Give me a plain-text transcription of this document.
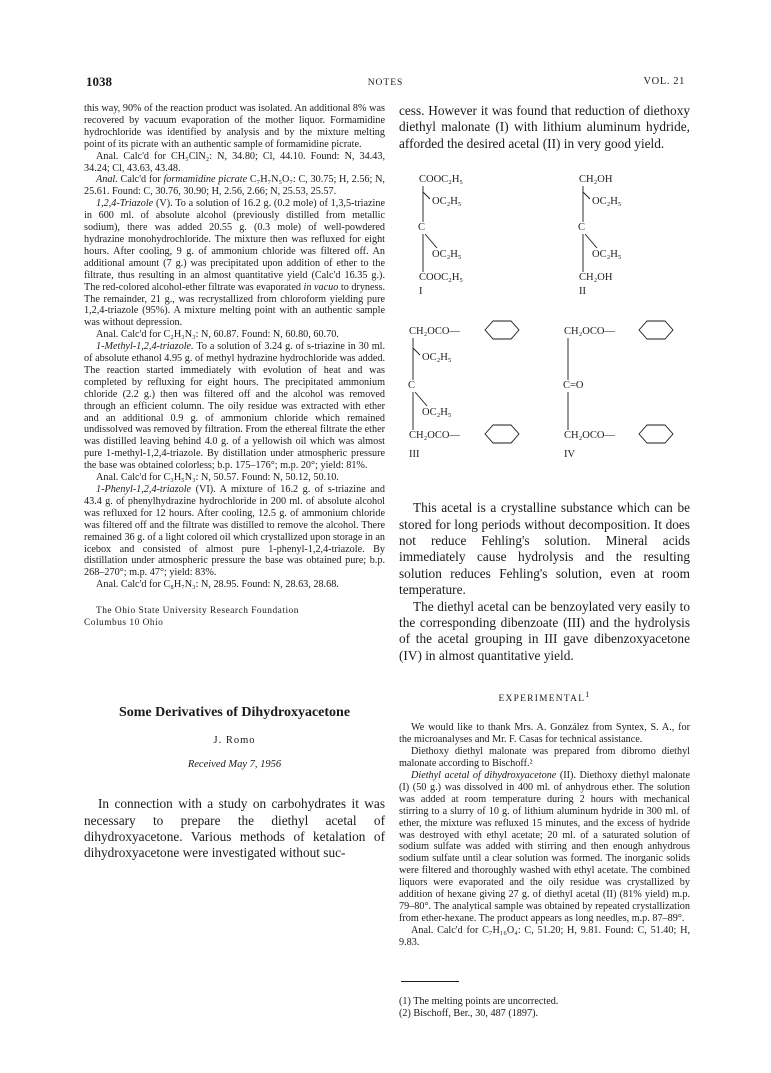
1038	NOTES	VOL. 21

this way, 90% of the reaction product was isolated. An additional 8% was recovered by vacuum evaporation of the mother liquor. Formamidine hydrochloride was identified by analysis and by the mixture melting point of its picrate with an authentic sample of formamidine picrate.

Anal. Calc'd for CH₅ClN₂: N, 34.80; Cl, 44.10. Found: N, 34.43, 34.24; Cl, 43.63, 43.48.

Anal. Calc'd for formamidine picrate C₇H₇N₅O₇: C, 30.75; H, 2.56; N, 25.61. Found: C, 30.76, 30.90; H, 2.56, 2.66; N, 25.53, 25.57.

1,2,4-Triazole (V). To a solution of 16.2 g. (0.2 mole) of 1,3,5-triazine in 600 ml. of absolute alcohol (previously distilled from metallic sodium), there was added 20.55 g. (0.3 mole) of well-powdered hydrazine monohydrochloride. The mixture then was refluxed for eight hours. After cooling, 9 g. of ammonium chloride was filtered off. An additional amount (7 g.) was precipitated upon addition of ether to the filtrate, thus resulting in an almost quantitative yield (Calc'd 16.35 g.). The red-colored alcohol-ether filtrate was evaporated in vacuo to dryness. The remainder, 21 g., was recrystallized from chloroform yielding pure 1,2,4-triazole (95%). A mixture melting point with an authentic sample was without depression.

Anal. Calc'd for C₂H₃N₃: N, 60.87. Found: N, 60.80, 60.70.

1-Methyl-1,2,4-triazole. To a solution of 3.24 g. of s-triazine in 30 ml. of absolute ethanol 4.95 g. of methyl hydrazine hydrochloride was added. The reaction started immediately with evolution of heat and was completed by refluxing for eight hours. The precipitated ammonium chloride (2.2 g.) then was filtered off and the alcohol was removed through an efficient column. The oily residue was extracted with ether and an additional 0.9 g. of ammonium chloride which remained undissolved was removed by filtration. From the ethereal filtrate the ether was distilled leaving behind 4.0 g. of a yellowish oil which was almost pure 1-methyl-1,2,4-triazole. By distillation under atmospheric pressure the base was obtained colorless; b.p. 175–176°; m.p. 20°; yield: 81%.

Anal. Calc'd for C₃H₅N₃: N, 50.57. Found: N, 50.12, 50.10.

1-Phenyl-1,2,4-triazole (VI). A mixture of 16.2 g. of s-triazine and 43.4 g. of phenylhydrazine hydrochloride in 200 ml. of absolute alcohol was refluxed for 12 hours. After cooling, 12.5 g. of ammonium chloride was filtered off and the filtrate was distilled to remove the alcohol. There remained 36 g. of a light colored oil which crystallized upon storage in an icebox and consisted of almost pure 1-phenyl-1,2,4-triazole. By distillation under atmospheric pressure the base was obtained pure; b.p. 268–270°; m.p. 47°; yield: 83%.

Anal. Calc'd for C₈H₇N₃: N, 28.95. Found: N, 28.63, 28.68.

The Ohio State University Research Foundation
Columbus 10 Ohio

Some Derivatives of Dihydroxyacetone
J. Romo
Received May 7, 1956

In connection with a study on carbohydrates it was necessary to prepare the diethyl acetal of dihydroxyacetone. Various methods of ketalation of dihydroxyacetone were investigated without suc-

cess. However it was found that reduction of diethoxy diethyl malonate (I) with lithium aluminum hydride, afforded the desired acetal (II) in very good yield.

COOC₂H₅
OC₂H₅
C
OC₂H₅
COOC₂H₅
I
CH₂OH
OC₂H₅
C
OC₂H₅
CH₂OH
II
CH₂OCO—
OC₂H₅
C
OC₂H₅
CH₂OCO—
III
CH₂OCO—
C=O
CH₂OCO—
IV

This acetal is a crystalline substance which can be stored for long periods without decomposition. It does not reduce Fehling's solution. Mineral acids immediately cause hydrolysis and the resulting solution reduces Fehling's solution, even at room temperature.

The diethyl acetal can be benzoylated very easily to the corresponding dibenzoate (III) and the hydrolysis of the acetal grouping in III gave dibenzoxyacetone (IV) in almost quantitative yield.

EXPERIMENTAL$^1$

We would like to thank Mrs. A. González from Syntex, S. A., for the microanalyses and Mr. F. Casas for technical assistance.

Diethoxy diethyl malonate was prepared from dibromo diethyl malonate according to Bischoff.²

Diethyl acetal of dihydroxyacetone (II). Diethoxy diethyl malonate (I) (50 g.) was dissolved in 400 ml. of anhydrous ether. The solution was added at room temperature during 2 hours with mechanical stirring to a slurry of 10 g. of lithium aluminum hydride in 300 ml. of ether, the mixture was refluxed 15 minutes, and the excess of hydride was destroyed with ethyl acetate; 20 ml. of a saturated solution of sodium sulfate was added with stirring and then enough anhydrous sodium sulfate until a clear solution was formed. The inorganic solids were filtered and thoroughly washed with ethyl acetate. The combined liquors were evaporated and the oily residue was crystallized by addition of hexane giving 27 g. of diethyl acetal (II) (81% yield) m.p. 79–80°. The analytical sample was obtained by repeated crystallization from ether-hexane. The product appears as long needles, m.p. 87–89°.

Anal. Calc'd for C₇H₁₆O₄: C, 51.20; H, 9.81. Found: C, 51.40; H, 9.83.

(1) The melting points are uncorrected.

(2) Bischoff, Ber., 30, 487 (1897).
